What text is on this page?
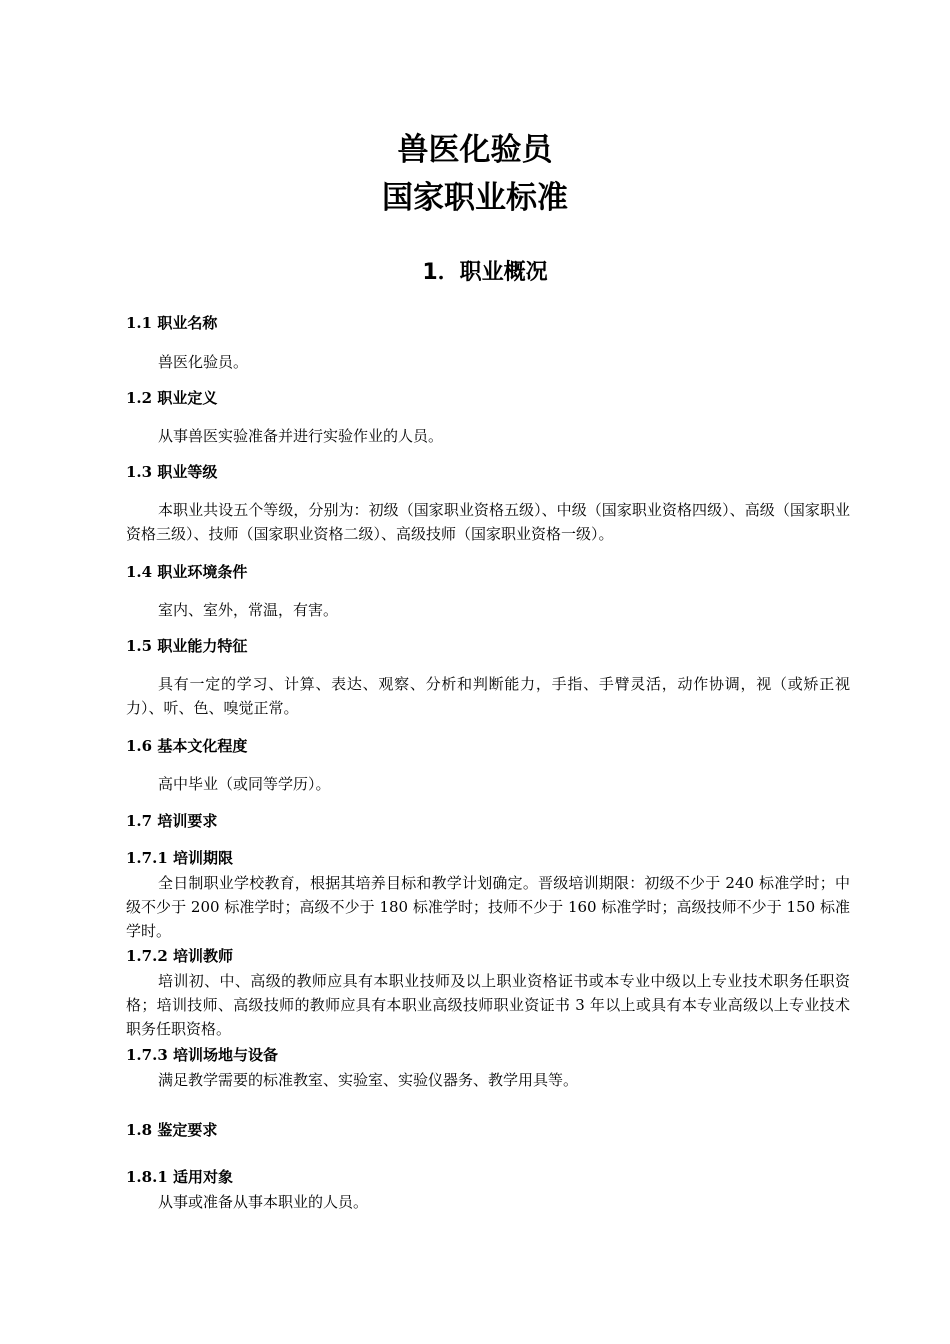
兽医化验员
国家职业标准
1．职业概况
1.1 职业名称

兽医化验员。

1.2 职业定义

从事兽医实验准备并进行实验作业的人员。

1.3 职业等级

本职业共设五个等级，分别为：初级（国家职业资格五级）、中级（国家职业资格四级）、高级（国家职业资格三级）、技师（国家职业资格二级）、高级技师（国家职业资格一级）。

1.4 职业环境条件

室内、室外，常温，有害。

1.5 职业能力特征

具有一定的学习、计算、表达、观察、分析和判断能力，手指、手臂灵活，动作协调，视（或矫正视力）、听、色、嗅觉正常。

1.6 基本文化程度

高中毕业（或同等学历）。

1.7 培训要求
1.7.1 培训期限

全日制职业学校教育，根据其培养目标和教学计划确定。晋级培训期限：初级不少于 240 标准学时；中级不少于 200 标准学时；高级不少于 180 标准学时；技师不少于 160 标准学时；高级技师不少于 150 标准学时。

1.7.2 培训教师

培训初、中、高级的教师应具有本职业技师及以上职业资格证书或本专业中级以上专业技术职务任职资格；培训技师、高级技师的教师应具有本职业高级技师职业资证书 3 年以上或具有本专业高级以上专业技术职务任职资格。

1.7.3 培训场地与设备

满足教学需要的标准教室、实验室、实验仪器务、教学用具等。

1.8 鉴定要求
1.8.1 适用对象

从事或准备从事本职业的人员。
